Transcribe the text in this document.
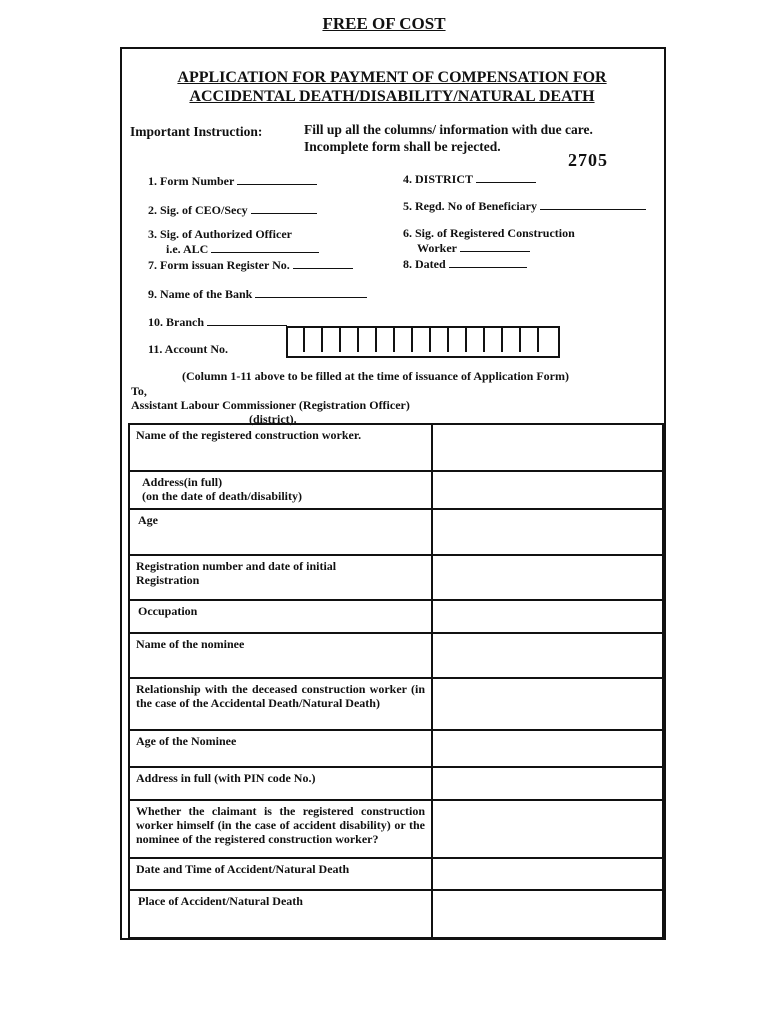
FREE OF COST
APPLICATION FOR PAYMENT OF COMPENSATION FOR
ACCIDENTAL DEATH/DISABILITY/NATURAL DEATH
Important Instruction:	Fill up all the columns/ information with due care.
Incomplete form shall be rejected.
2705
1. Form Number
2. Sig. of CEO/Secy
3. Sig. of Authorized Officer
i.e. ALC
7. Form issuan Register No.
9. Name of the Bank
10. Branch
11. Account No.
4. DISTRICT
5. Regd. No of Beneficiary
6. Sig. of Registered Construction
Worker
8. Dated
(Column 1-11 above to be filled at the time of issuance of Application Form)
To,
Assistant Labour Commissioner (Registration Officer)
(district).
Name of the registered construction worker.	

Address(in full)
(on the date of death/disability)	

Age	

Registration number and date of initial
Registration	

Occupation	
Name of the nominee	
Relationship with the deceased construction worker (in the case of the Accidental Death/Natural Death)	
Age of the Nominee	
Address in full (with PIN code No.)	
Whether the claimant is the registered construction worker himself (in the case of accident disability) or the nominee of the registered construction worker?	
Date and Time of Accident/Natural Death	
Place of Accident/Natural Death	
